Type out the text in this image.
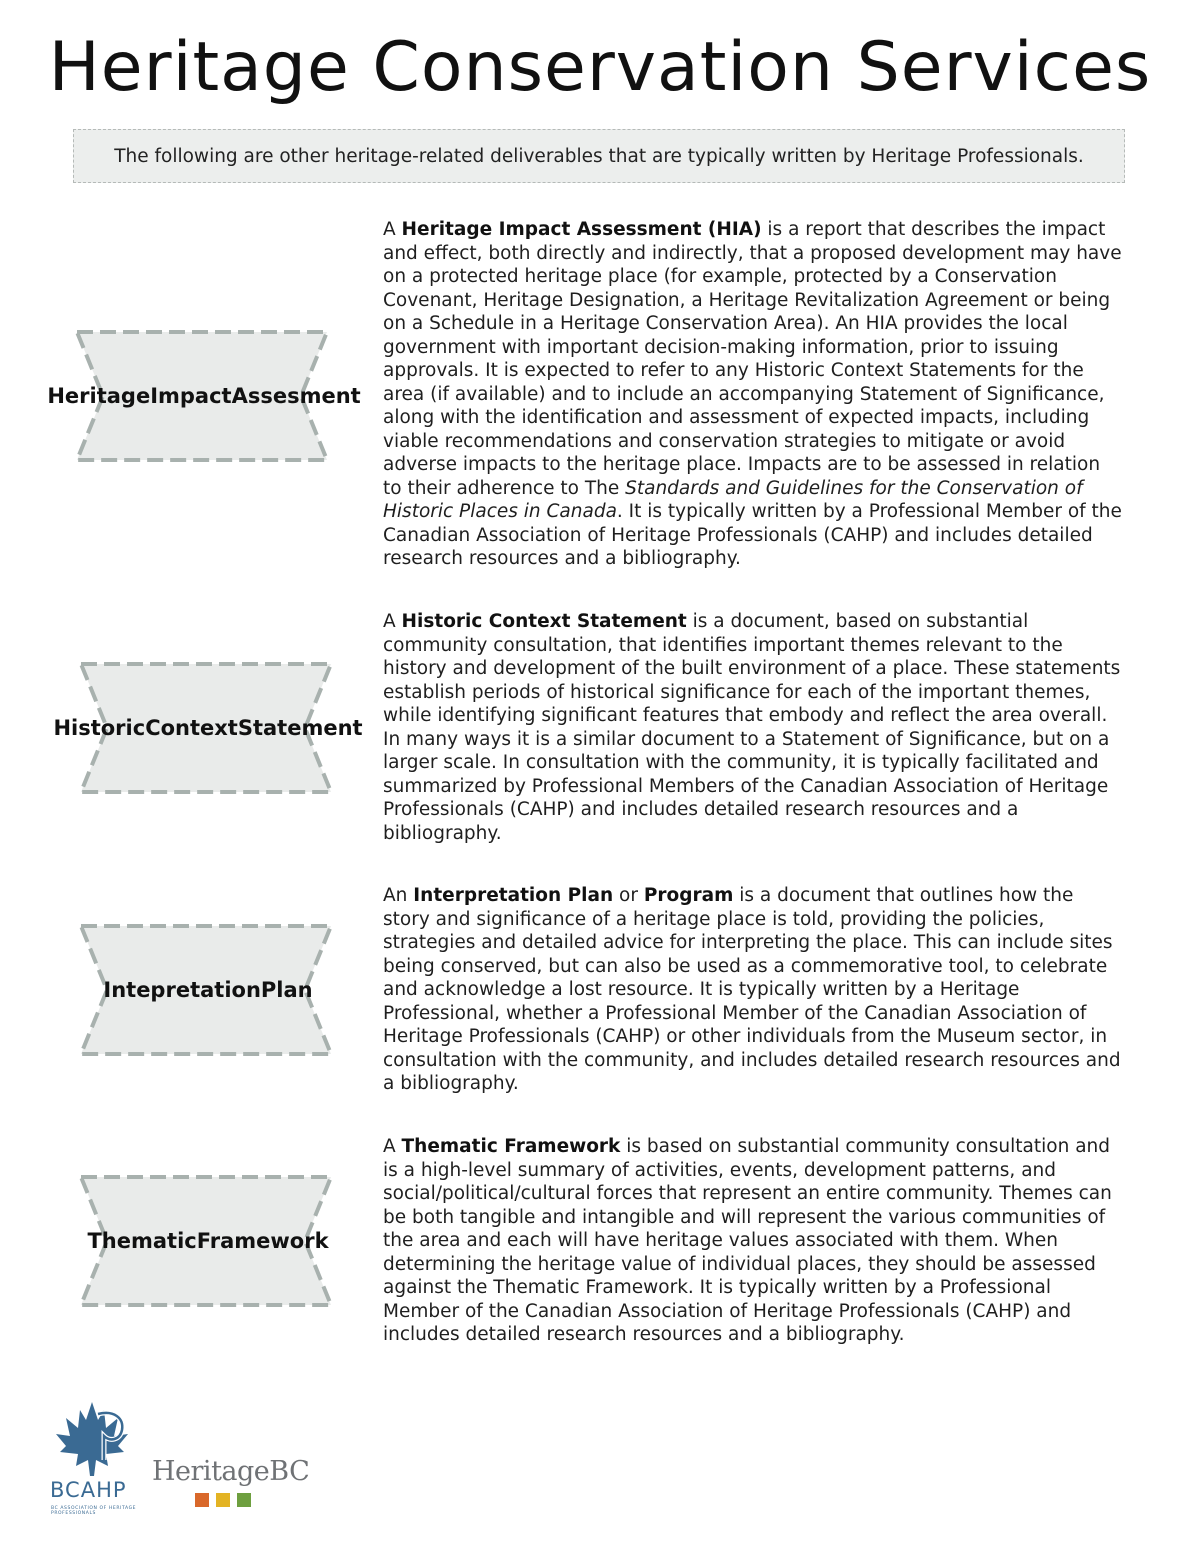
Heritage Conservation Services
The following are other heritage-related deliverables that are typically written by Heritage Professionals.
Heritage Impact Assesment

A Heritage Impact Assessment (HIA) is a report that describes the impact and effect, both directly and indirectly, that a proposed development may have on a protected heritage place (for example, protected by a Conservation Covenant, Heritage Designation, a Heritage Revitalization Agreement or being on a Schedule in a Heritage Conservation Area). An HIA provides the local government with important decision-making information, prior to issuing approvals. It is expected to refer to any Historic Context Statements for the area (if available) and to include an accompanying Statement of Significance, along with the identification and assessment of expected impacts, including viable recommendations and conservation strategies to mitigate or avoid adverse impacts to the heritage place. Impacts are to be assessed in relation to their adherence to The Standards and Guidelines for the Conservation of Historic Places in Canada. It is typically written by a Professional Member of the Canadian Association of Heritage Professionals (CAHP) and includes detailed research resources and a bibliography.

Historic Context Statement

A Historic Context Statement is a document, based on substantial community consultation, that identifies important themes relevant to the history and development of the built environment of a place. These statements establish periods of historical significance for each of the important themes, while identifying significant features that embody and reflect the area overall. In many ways it is a similar document to a Statement of Significance, but on a larger scale. In consultation with the community, it is typically facilitated and summarized by Professional Members of the Canadian Association of Heritage Professionals (CAHP) and includes detailed research resources and a bibliography.

Intepretation Plan

An Interpretation Plan or Program is a document that outlines how the story and significance of a heritage place is told, providing the policies, strategies and detailed advice for interpreting the place. This can include sites being conserved, but can also be used as a commemorative tool, to celebrate and acknowledge a lost resource. It is typically written by a Heritage Professional, whether a Professional Member of the Canadian Association of Heritage Professionals (CAHP) or other individuals from the Museum sector, in consultation with the community, and includes detailed research resources and a bibliography.

Thematic Framework

A Thematic Framework is based on substantial community consultation and is a high-level summary of activities, events, development patterns, and social/political/cultural forces that represent an entire community. Themes can be both tangible and intangible and will represent the various communities of the area and each will have heritage values associated with them. When determining the heritage value of individual places, they should be assessed against the Thematic Framework. It is typically written by a Professional Member of the Canadian Association of Heritage Professionals (CAHP) and includes detailed research resources and a bibliography.

BCAHP
BC ASSOCIATION OF HERITAGE PROFESSIONALS
HeritageBC
